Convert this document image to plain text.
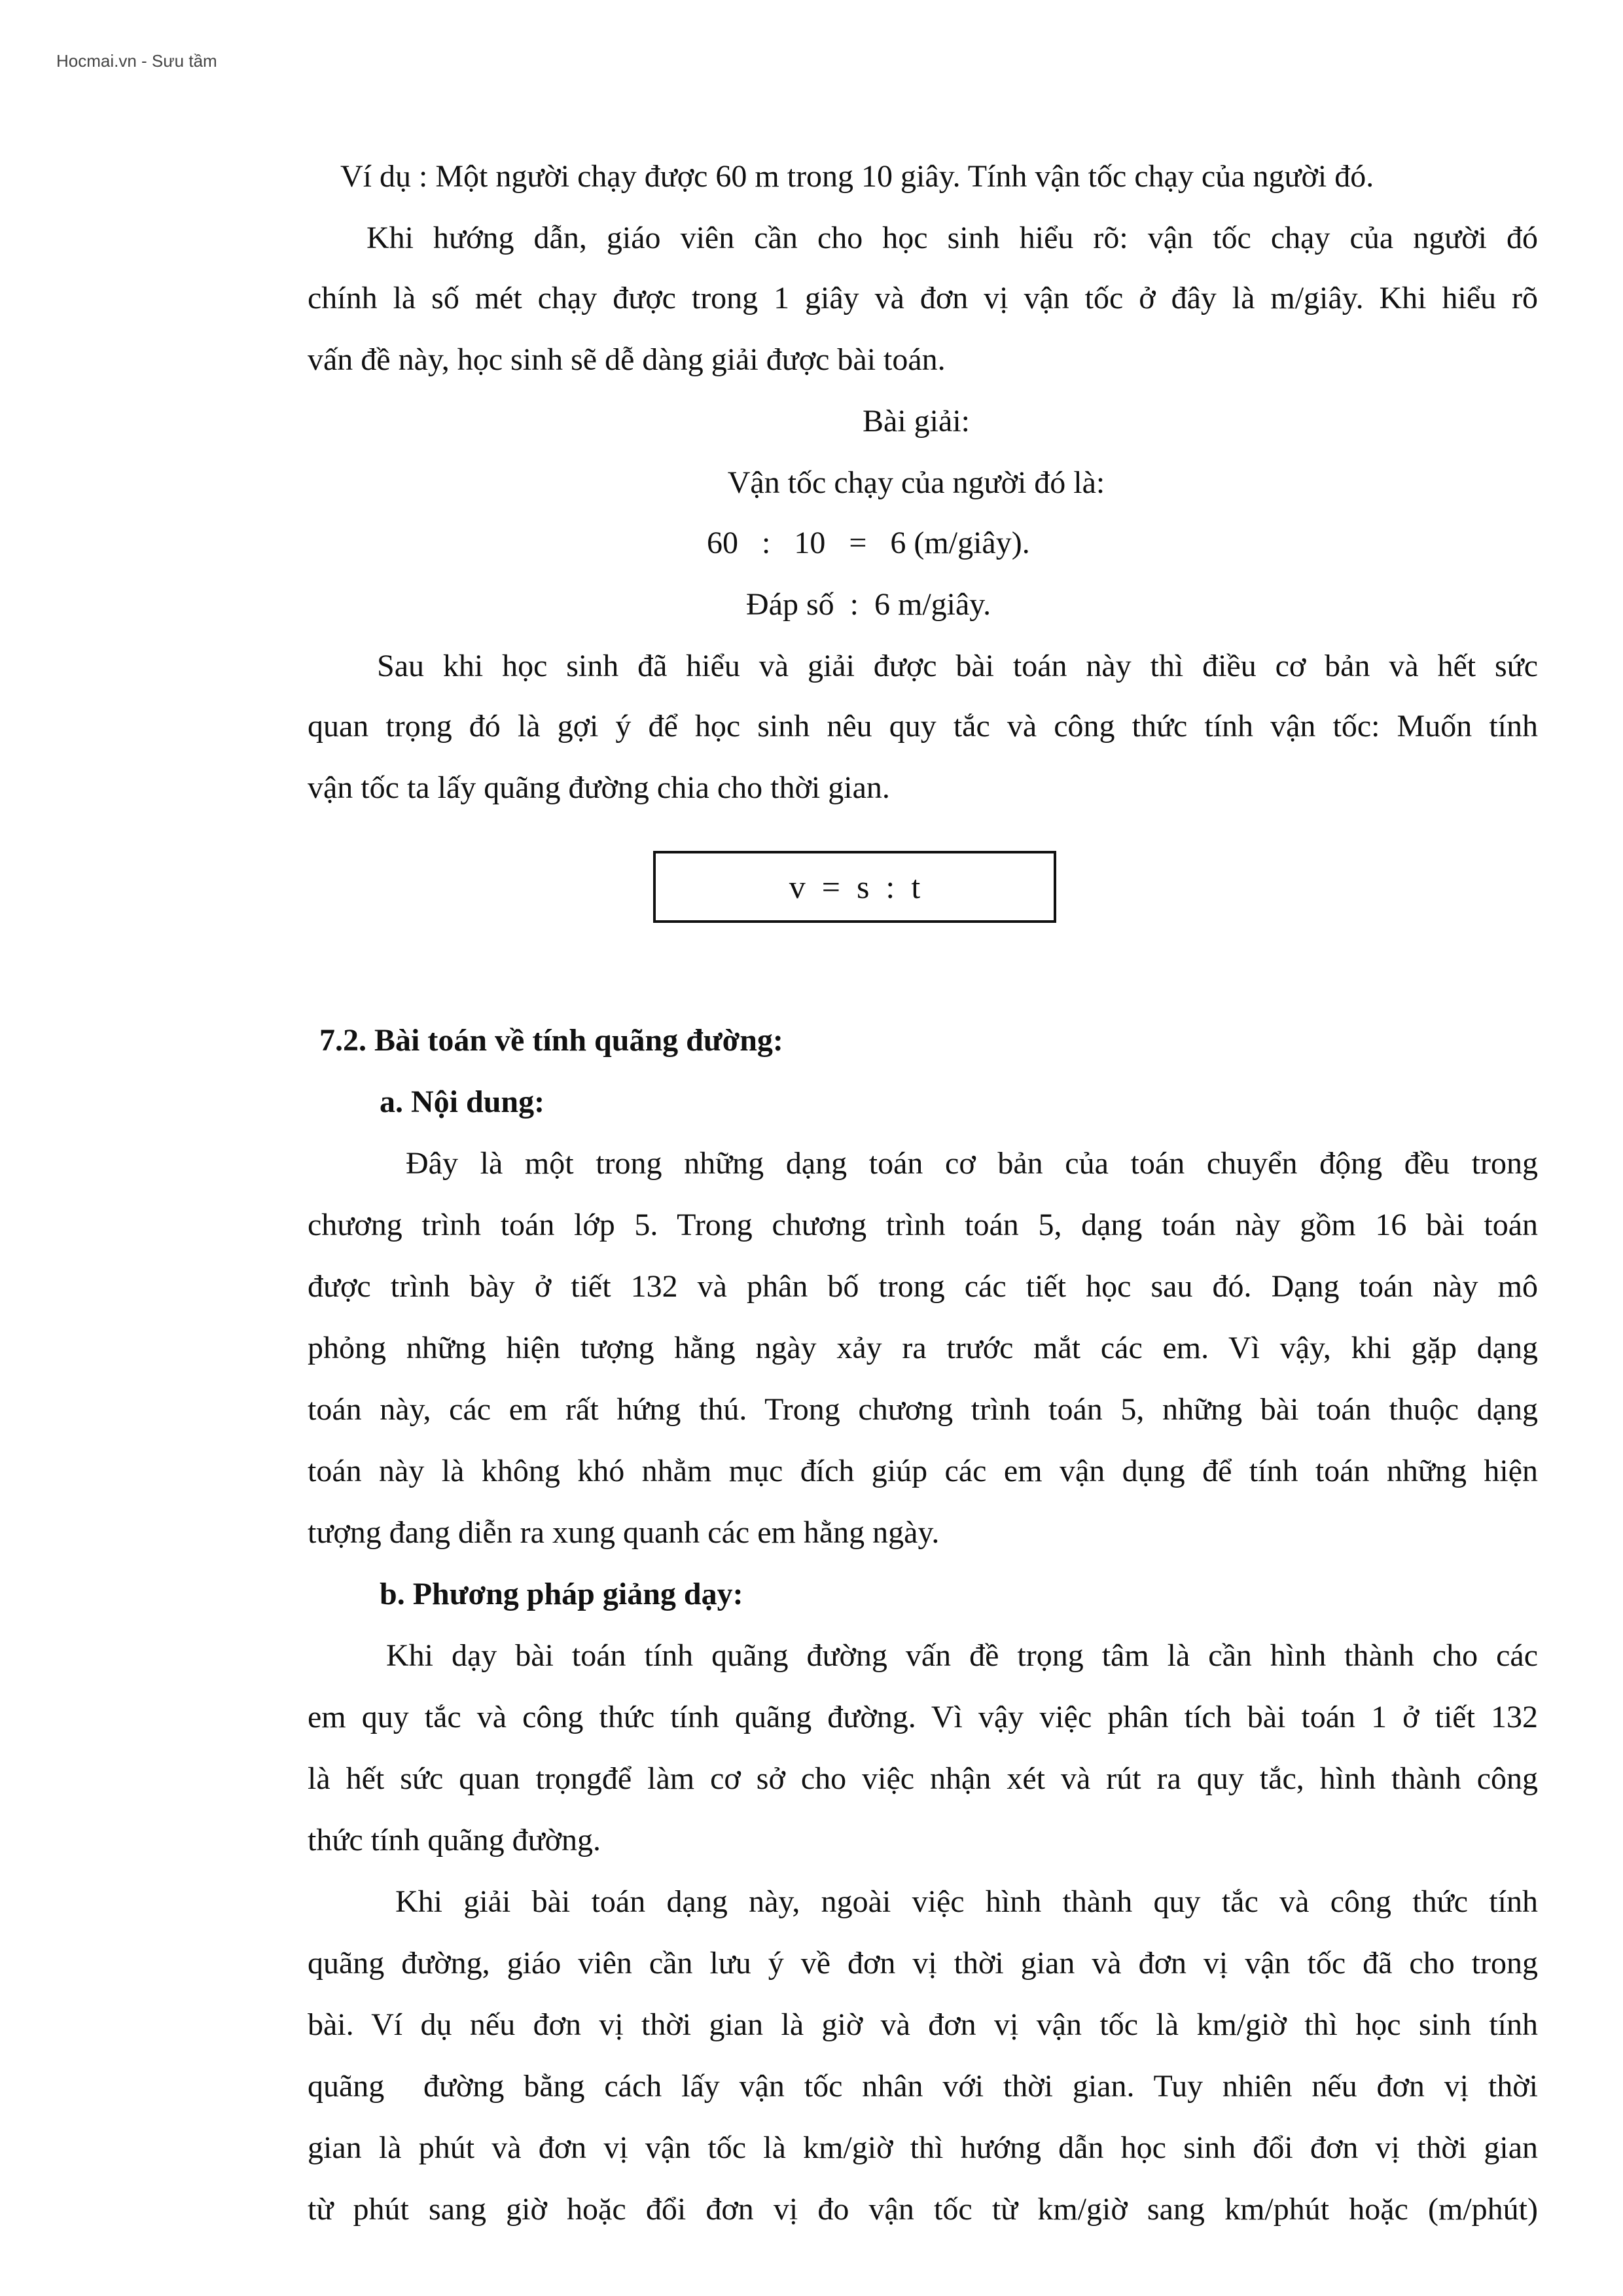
Hocmai.vn - Sưu tầm
Ví dụ : Một người chạy được 60 m trong 10 giây. Tính vận tốc chạy của người đó.
Khi hướng dẫn, giáo viên cần cho học sinh hiểu rõ: vận tốc chạy của người đó
chính là số mét chạy được trong 1 giây và đơn vị vận tốc ở đây là m/giây. Khi hiểu rõ
vấn đề này, học sinh sẽ dễ dàng giải được bài toán.
Bài giải:
Vận tốc chạy của người đó là:
60   :   10   =   6 (m/giây).
Đáp số  :  6 m/giây.
Sau khi học sinh đã hiểu và giải được bài toán này thì điều cơ bản và hết sức
quan trọng đó là gợi ý để học sinh nêu quy tắc và công thức tính vận tốc: Muốn tính
vận tốc ta lấy quãng đường chia cho thời gian.
v  =  s  :  t
7.2. Bài toán về tính quãng đường:
a. Nội dung:
Đây là một trong những dạng toán cơ bản của toán chuyển động đều trong
chương trình toán lớp 5. Trong chương trình toán 5, dạng toán này gồm 16 bài toán
được trình bày ở tiết 132 và phân bố trong các tiết học sau đó. Dạng toán này mô
phỏng những hiện tượng hằng ngày xảy ra trước mắt các em. Vì vậy, khi gặp dạng
toán này, các em rất hứng thú. Trong chương trình toán 5, những bài toán thuộc dạng
toán này là không khó nhằm mục đích giúp các em vận dụng để tính toán những hiện
tượng đang diễn ra xung quanh các em hằng ngày.
b. Phương pháp giảng dạy:
Khi dạy bài toán tính quãng đường vấn đề trọng tâm là cần hình thành cho các
em quy tắc và công thức tính quãng đường. Vì vậy việc phân tích bài toán 1 ở tiết 132
là hết sức quan trọngđể làm cơ sở cho việc nhận xét và rút ra quy tắc, hình thành công
thức tính quãng đường.
Khi giải bài toán dạng này, ngoài việc hình thành quy tắc và công thức tính
quãng đường, giáo viên cần lưu ý về đơn vị thời gian và đơn vị vận tốc đã cho trong
bài. Ví dụ nếu đơn vị thời gian là giờ và đơn vị vận tốc là km/giờ thì học sinh tính
quãng  đường bằng cách lấy vận tốc nhân với thời gian. Tuy nhiên nếu đơn vị thời
gian là phút và đơn vị vận tốc là km/giờ thì hướng dẫn học sinh đổi đơn vị thời gian
từ phút sang giờ hoặc đổi đơn vị đo vận tốc từ km/giờ sang km/phút hoặc (m/phút)
